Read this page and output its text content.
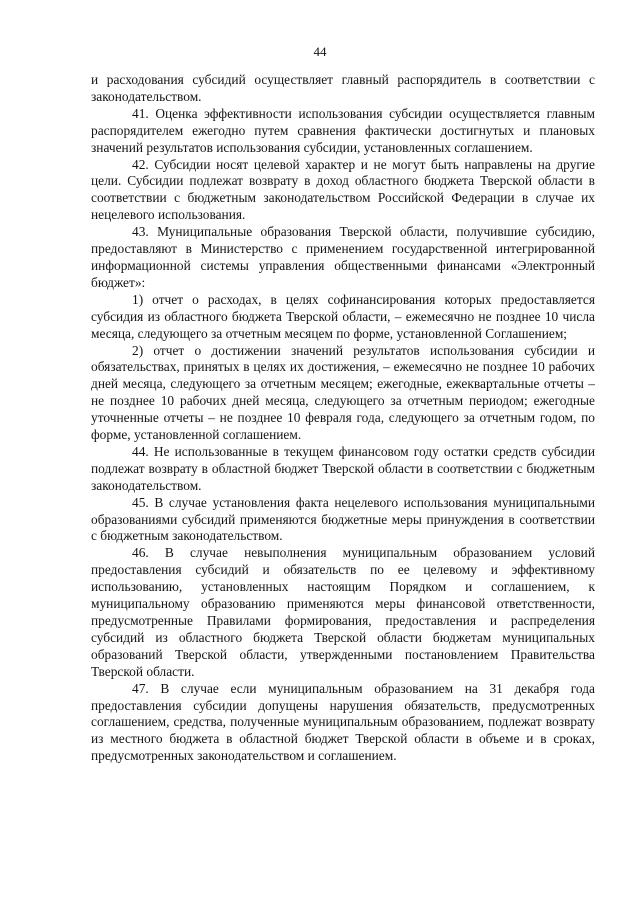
44

и расходования субсидий осуществляет главный распорядитель в соответствии с законодательством.

41. Оценка эффективности использования субсидии осуществляется главным распорядителем ежегодно путем сравнения фактически достигнутых и плановых значений результатов использования субсидии, установленных соглашением.

42. Субсидии носят целевой характер и не могут быть направлены на другие цели. Субсидии подлежат возврату в доход областного бюджета Тверской области в соответствии с бюджетным законодательством Российской Федерации в случае их нецелевого использования.

43. Муниципальные образования Тверской области, получившие субсидию, предоставляют в Министерство с применением государственной интегрированной информационной системы управления общественными финансами «Электронный бюджет»:

1) отчет о расходах, в целях софинансирования которых предоставляется субсидия из областного бюджета Тверской области, – ежемесячно не позднее 10 числа месяца, следующего за отчетным месяцем по форме, установленной Соглашением;

2) отчет о достижении значений результатов использования субсидии и обязательствах, принятых в целях их достижения, – ежемесячно не позднее 10 рабочих дней месяца, следующего за отчетным месяцем; ежегодные, ежеквартальные отчеты – не позднее 10 рабочих дней месяца, следующего за отчетным периодом; ежегодные уточненные отчеты – не позднее 10 февраля года, следующего за отчетным годом, по форме, установленной соглашением.

44. Не использованные в текущем финансовом году остатки средств субсидии подлежат возврату в областной бюджет Тверской области в соответствии с бюджетным законодательством.

45. В случае установления факта нецелевого использования муниципальными образованиями субсидий применяются бюджетные меры принуждения в соответствии с бюджетным законодательством.

46. В случае невыполнения муниципальным образованием условий предоставления субсидий и обязательств по ее целевому и эффективному использованию, установленных настоящим Порядком и соглашением, к муниципальному образованию применяются меры финансовой ответственности, предусмотренные Правилами формирования, предоставления и распределения субсидий из областного бюджета Тверской области бюджетам муниципальных образований Тверской области, утвержденными постановлением Правительства Тверской области.

47. В случае если муниципальным образованием на 31 декабря года предоставления субсидии допущены нарушения обязательств, предусмотренных соглашением, средства, полученные муниципальным образованием, подлежат возврату из местного бюджета в областной бюджет Тверской области в объеме и в сроках, предусмотренных законодательством и соглашением.
